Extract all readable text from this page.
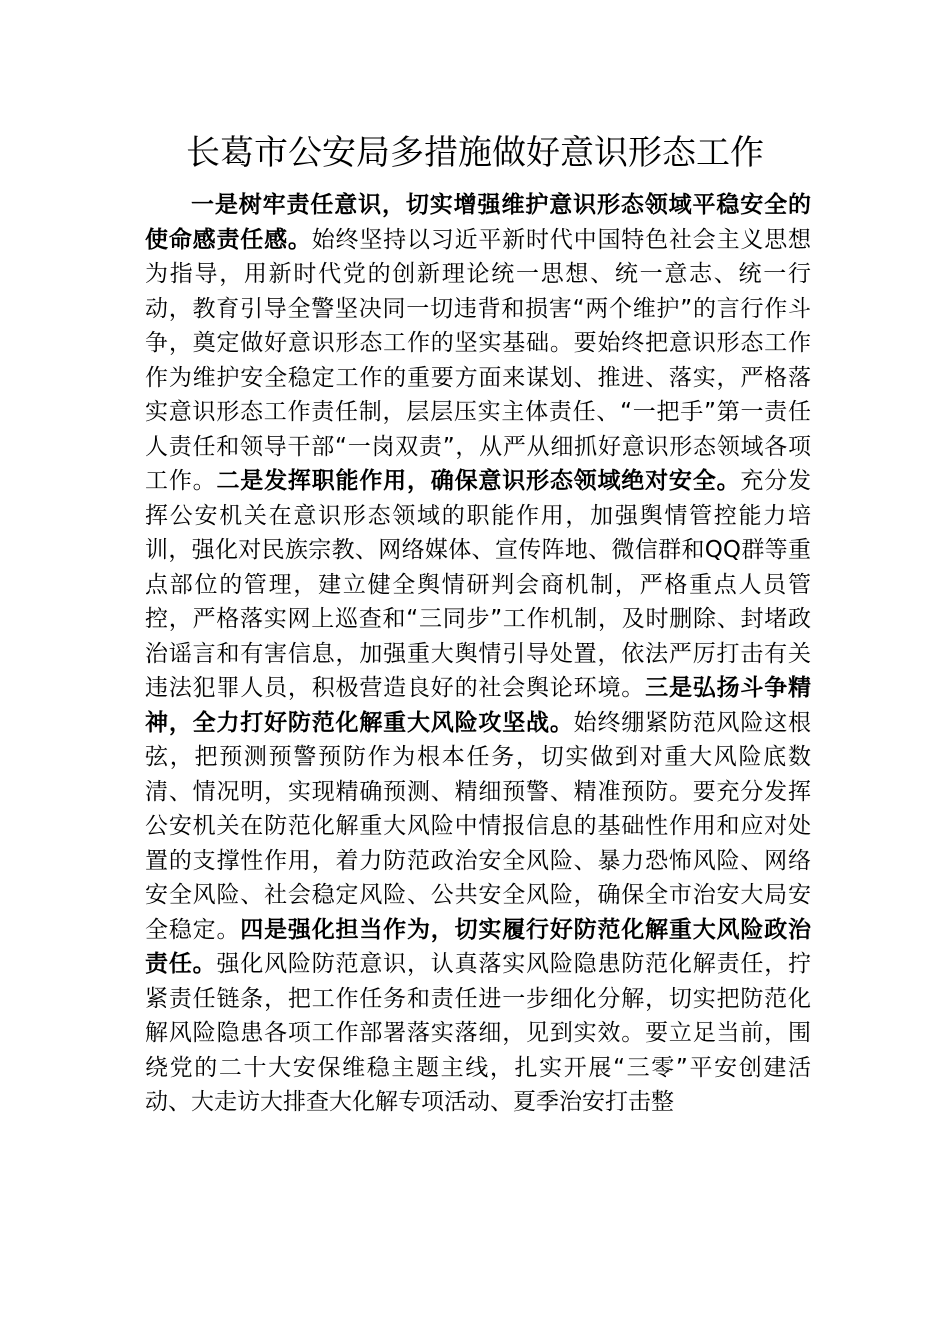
长葛市公安局多措施做好意识形态工作

一是树牢责任意识，切实增强维护意识形态领域平稳安全的使命感责任感。始终坚持以习近平新时代中国特色社会主义思想为指导，用新时代党的创新理论统一思想、统一意志、统一行动，教育引导全警坚决同一切违背和损害“两个维护”的言行作斗争，奠定做好意识形态工作的坚实基础。要始终把意识形态工作作为维护安全稳定工作的重要方面来谋划、推进、落实，严格落实意识形态工作责任制，层层压实主体责任、“一把手”第一责任人责任和领导干部“一岗双责”，从严从细抓好意识形态领域各项工作。二是发挥职能作用，确保意识形态领域绝对安全。充分发挥公安机关在意识形态领域的职能作用，加强舆情管控能力培训，强化对民族宗教、网络媒体、宣传阵地、微信群和QQ群等重点部位的管理，建立健全舆情研判会商机制，严格重点人员管控，严格落实网上巡查和“三同步”工作机制，及时删除、封堵政治谣言和有害信息，加强重大舆情引导处置，依法严厉打击有关违法犯罪人员，积极营造良好的社会舆论环境。三是弘扬斗争精神，全力打好防范化解重大风险攻坚战。始终绷紧防范风险这根弦，把预测预警预防作为根本任务，切实做到对重大风险底数清、情况明，实现精确预测、精细预警、精准预防。要充分发挥公安机关在防范化解重大风险中情报信息的基础性作用和应对处置的支撑性作用，着力防范政治安全风险、暴力恐怖风险、网络安全风险、社会稳定风险、公共安全风险，确保全市治安大局安全稳定。四是强化担当作为，切实履行好防范化解重大风险政治责任。强化风险防范意识，认真落实风险隐患防范化解责任，拧紧责任链条，把工作任务和责任进一步细化分解，切实把防范化解风险隐患各项工作部署落实落细，见到实效。要立足当前，围绕党的二十大安保维稳主题主线，扎实开展“三零”平安创建活动、大走访大排查大化解专项活动、夏季治安打击整
